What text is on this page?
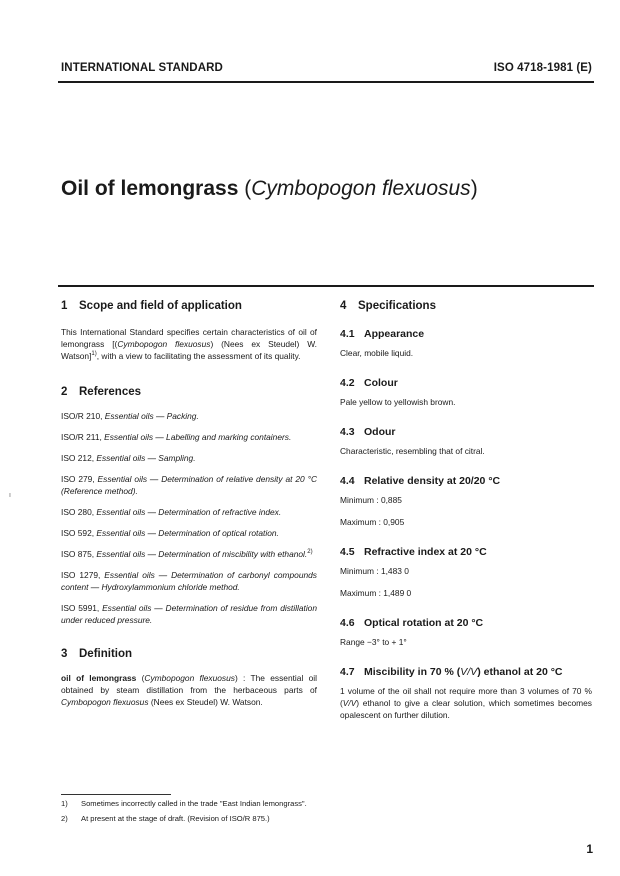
INTERNATIONAL STANDARD	ISO 4718-1981 (E)
Oil of lemongrass (Cymbopogon flexuosus)
1 Scope and field of application

This International Standard specifies certain characteristics of oil of lemongrass [(Cymbopogon flexuosus) (Nees ex Steudel) W. Watson]$^{1)}$, with a view to facilitating the assessment of its quality.

2 References

ISO/R 210, Essential oils — Packing.

ISO/R 211, Essential oils — Labelling and marking containers.

ISO 212, Essential oils — Sampling.

ISO 279, Essential oils — Determination of relative density at 20 °C (Reference method).

ISO 280, Essential oils — Determination of refractive index.

ISO 592, Essential oils — Determination of optical rotation.

ISO 875, Essential oils — Determination of miscibility with ethanol.$^{2)}$

ISO 1279, Essential oils — Determination of carbonyl compounds content — Hydroxylammonium chloride method.

ISO 5991, Essential oils — Determination of residue from distillation under reduced pressure.

3 Definition

oil of lemongrass (Cymbopogon flexuosus) : The essential oil obtained by steam distillation from the herbaceous parts of Cymbopogon flexuosus (Nees ex Steudel) W. Watson.

4 Specifications
4.1 Appearance

Clear, mobile liquid.

4.2 Colour

Pale yellow to yellowish brown.

4.3 Odour

Characteristic, resembling that of citral.

4.4 Relative density at 20/20 °C

Minimum : 0,885

Maximum : 0,905

4.5 Refractive index at 20 °C

Minimum : 1,483 0

Maximum : 1,489 0

4.6 Optical rotation at 20 °C

Range −3° to + 1°

4.7 Miscibility in 70 % (V/V) ethanol at 20 °C

1 volume of the oil shall not require more than 3 volumes of 70 % (V/V) ethanol to give a clear solution, which sometimes becomes opalescent on further dilution.

1) Sometimes incorrectly called in the trade "East Indian lemongrass".
2) At present at the stage of draft. (Revision of ISO/R 875.)
1
ı
